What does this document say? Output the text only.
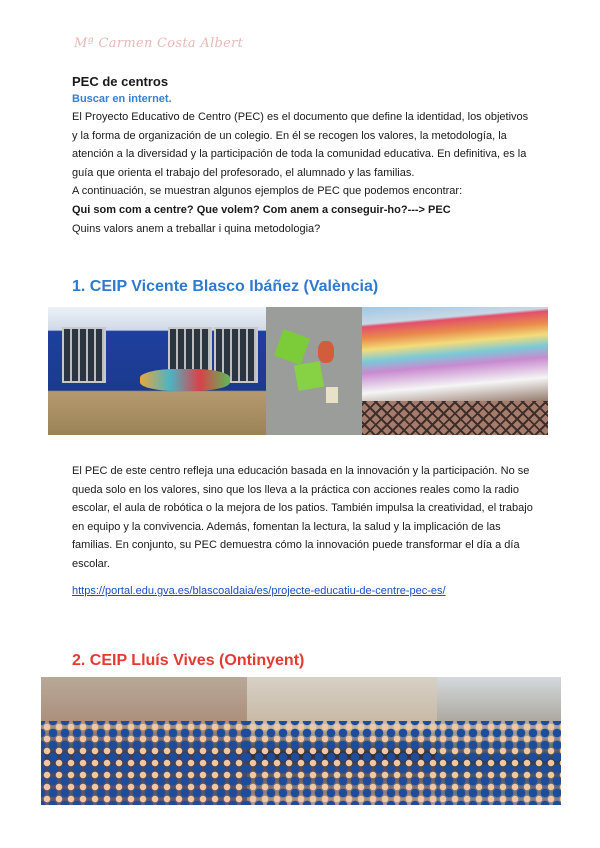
Mª Carmen Costa Albert

PEC de centros

Buscar en internet.

El Proyecto Educativo de Centro (PEC) es el documento que define la identidad, los objetivos y la forma de organización de un colegio. En él se recogen los valores, la metodología, la atención a la diversidad y la participación de toda la comunidad educativa. En definitiva, es la guía que orienta el trabajo del profesorado, el alumnado y las familias.

A continuación, se muestran algunos ejemplos de PEC que podemos encontrar:

Qui som com a centre? Que volem? Com anem a conseguir-ho?---> PEC

Quins valors anem a treballar i quina metodologia?

1. CEIP Vicente Blasco Ibáñez (València)
El PEC de este centro refleja una educación basada en la innovación y la participación. No se queda solo en los valores, sino que los lleva a la práctica con acciones reales como la radio escolar, el aula de robótica o la mejora de los patios. También impulsa la creatividad, el trabajo en equipo y la convivencia. Además, fomentan la lectura, la salud y la implicación de las familias. En conjunto, su PEC demuestra cómo la innovación puede transformar el día a día escolar.
https://portal.edu.gva.es/blascoaldaia/es/projecte-educatiu-de-centre-pec-es/
2. CEIP Lluís Vives (Ontinyent)
